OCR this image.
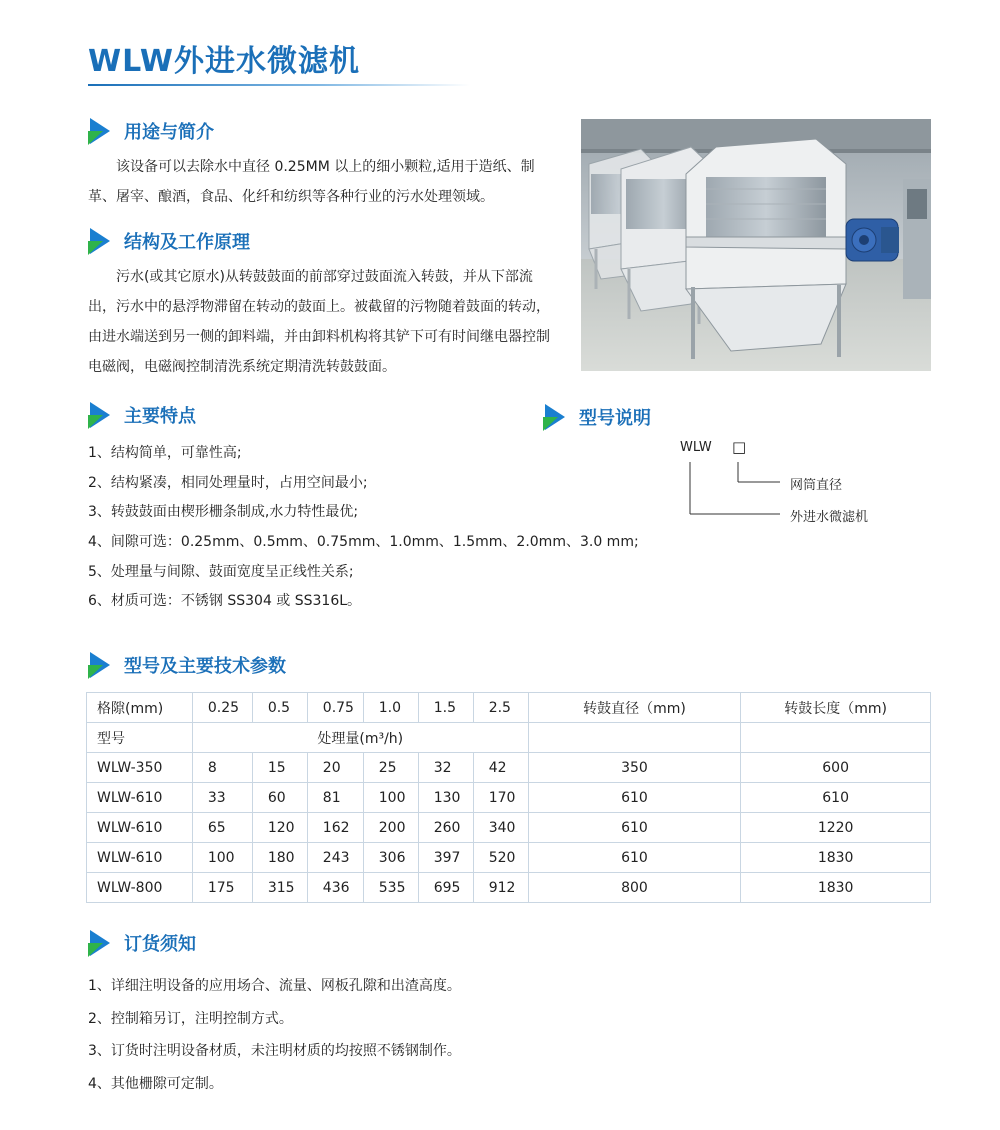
WLW外进水微滤机
用途与简介
该设备可以去除水中直径 0.25MM 以上的细小颗粒,适用于造纸、制革、屠宰、酿酒，食品、化纤和纺织等各种行业的污水处理领域。
结构及工作原理
污水(或其它原水)从转鼓鼓面的前部穿过鼓面流入转鼓，并从下部流出，污水中的悬浮物滞留在转动的鼓面上。被截留的污物随着鼓面的转动，由进水端送到另一侧的卸料端，并由卸料机构将其铲下可有时间继电器控制电磁阀，电磁阀控制清洗系统定期清洗转鼓鼓面。
主要特点
1、结构简单，可靠性高;
2、结构紧凑，相同处理量时，占用空间最小;
3、转鼓鼓面由楔形栅条制成,水力特性最优;
4、间隙可选：0.25mm、0.5mm、0.75mm、1.0mm、1.5mm、2.0mm、3.0 mm;
5、处理量与间隙、鼓面宽度呈正线性关系;
6、材质可选：不锈钢 SS304 或 SS316L。
型号说明
WLW □
网筒直径
外进水微滤机
型号及主要技术参数
格隙(mm)	0.25	0.5	0.75	1.0	1.5	2.5	转鼓直径（mm)	转鼓长度（mm)
型号	处理量(m³/h)							
WLW-350	8	15	20	25	32	42	350	600
WLW-610	33	60	81	100	130	170	610	610
WLW-610	65	120	162	200	260	340	610	1220
WLW-610	100	180	243	306	397	520	610	1830
WLW-800	175	315	436	535	695	912	800	1830
订货须知
1、详细注明设备的应用场合、流量、网板孔隙和出渣高度。
2、控制箱另订，注明控制方式。
3、订货时注明设备材质，未注明材质的均按照不锈钢制作。
4、其他栅隙可定制。
